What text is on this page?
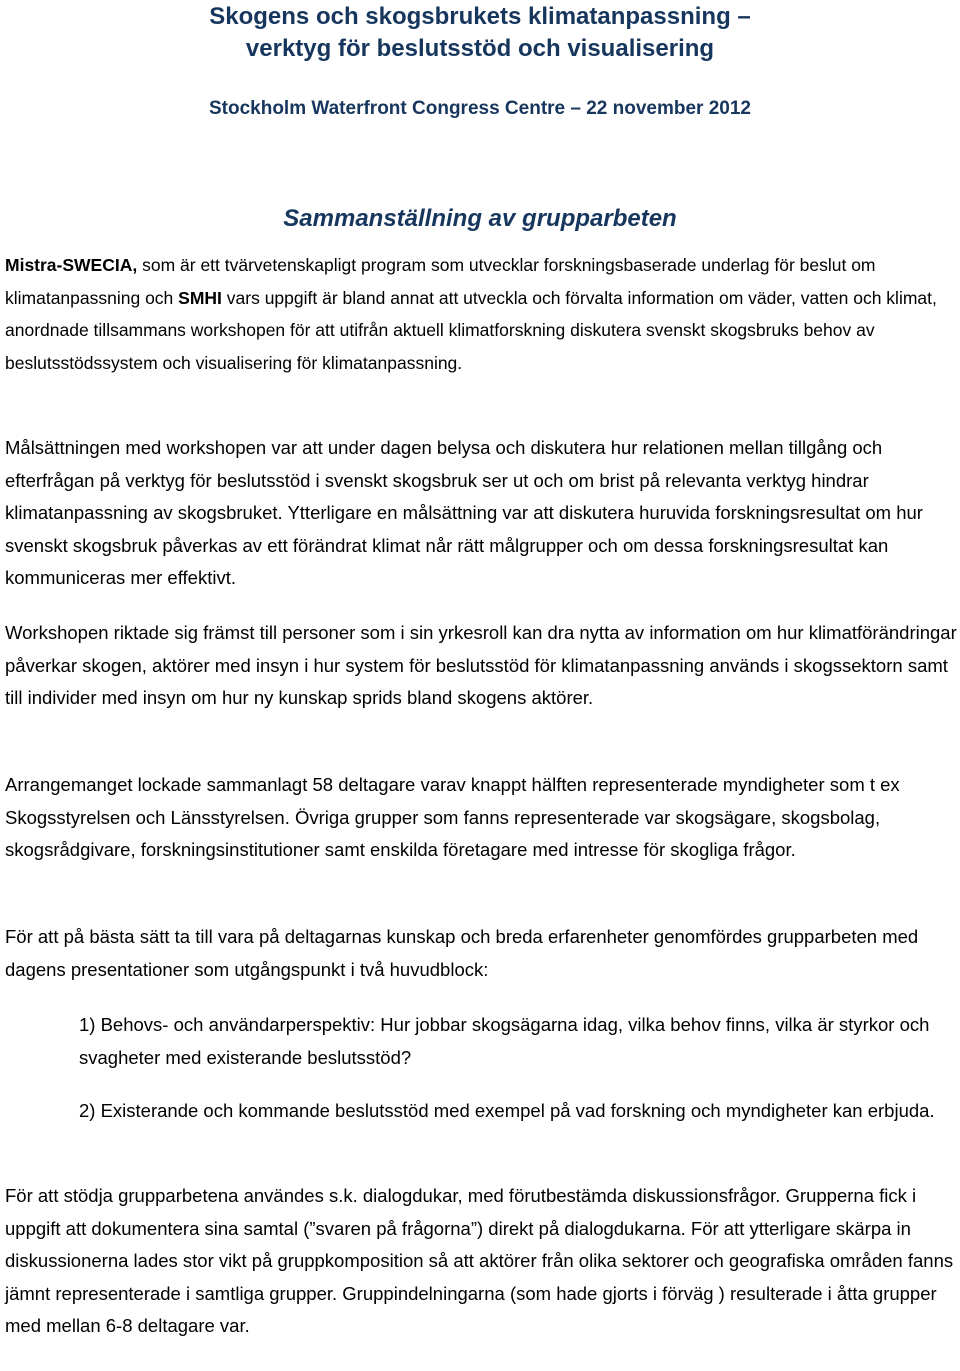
Skogens och skogsbrukets klimatanpassning –
verktyg för beslutsstöd och visualisering
Stockholm Waterfront Congress Centre – 22 november 2012
Sammanställning av grupparbeten

Mistra-SWECIA, som är ett tvärvetenskapligt program som utvecklar forskningsbaserade underlag för beslut om klimatanpassning och SMHI vars uppgift är bland annat att utveckla och förvalta information om väder, vatten och klimat, anordnade tillsammans workshopen för att utifrån aktuell klimatforskning diskutera svenskt skogsbruks behov av beslutsstödssystem och visualisering för klimatanpassning.

Målsättningen med workshopen var att under dagen belysa och diskutera hur relationen mellan tillgång och efterfrågan på verktyg för beslutsstöd i svenskt skogsbruk ser ut och om brist på relevanta verktyg hindrar klimatanpassning av skogsbruket. Ytterligare en målsättning var att diskutera huruvida forskningsresultat om hur svenskt skogsbruk påverkas av ett förändrat klimat når rätt målgrupper och om dessa forskningsresultat kan kommuniceras mer effektivt.

Workshopen riktade sig främst till personer som i sin yrkesroll kan dra nytta av information om hur klimatförändringar påverkar skogen, aktörer med insyn i hur system för beslutsstöd för klimatanpassning används i skogssektorn samt till individer med insyn om hur ny kunskap sprids bland skogens aktörer.

Arrangemanget lockade sammanlagt 58 deltagare varav knappt hälften representerade myndigheter som t ex Skogsstyrelsen och Länsstyrelsen. Övriga grupper som fanns representerade var skogsägare, skogsbolag, skogsrådgivare, forskningsinstitutioner samt enskilda företagare med intresse för skogliga frågor.

För att på bästa sätt ta till vara på deltagarnas kunskap och breda erfarenheter genomfördes grupparbeten med dagens presentationer som utgångspunkt i två huvudblock:

1) Behovs- och användarperspektiv: Hur jobbar skogsägarna idag, vilka behov finns, vilka är styrkor och svagheter med existerande beslutsstöd?

2) Existerande och kommande beslutsstöd med exempel på vad forskning och myndigheter kan erbjuda.

För att stödja grupparbetena användes s.k. dialogdukar, med förutbestämda diskussionsfrågor. Grupperna fick i uppgift att dokumentera sina samtal (”svaren på frågorna”) direkt på dialogdukarna. För att ytterligare skärpa in diskussionerna lades stor vikt på gruppkomposition så att aktörer från olika sektorer och geografiska områden fanns jämnt representerade i samtliga grupper. Gruppindelningarna (som hade gjorts i förväg ) resulterade i åtta grupper med mellan 6-8 deltagare var.
